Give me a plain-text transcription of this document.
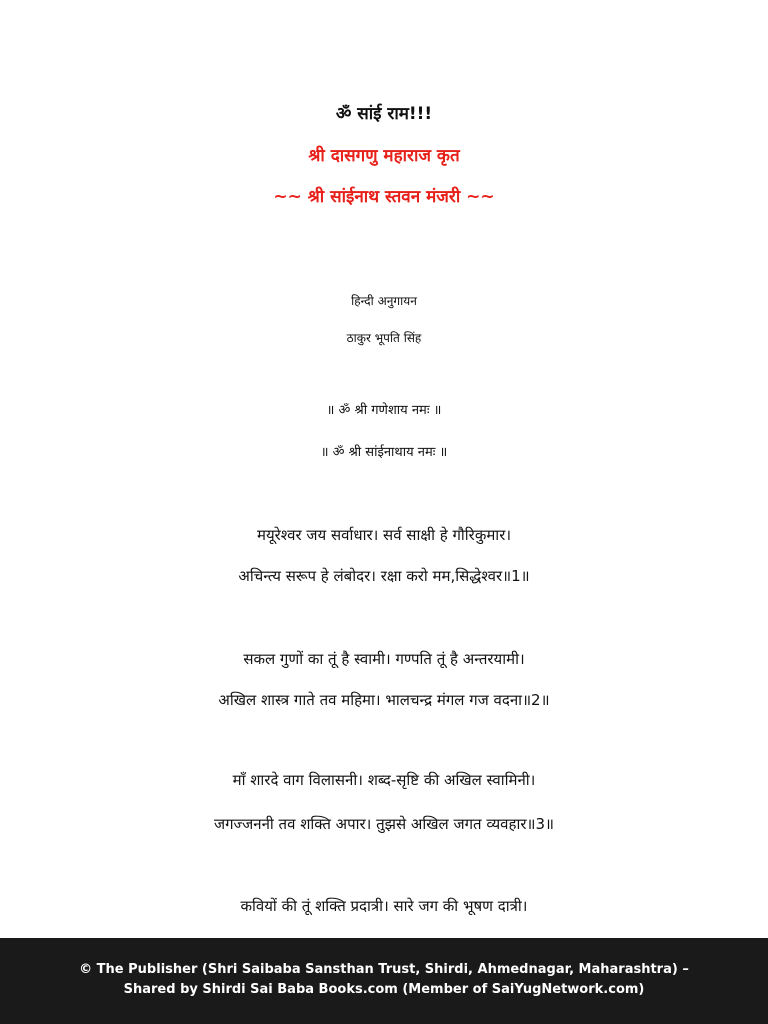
ॐ सांई राम!!!
श्री दासगणु महाराज कृत
~~ श्री सांईनाथ स्तवन मंजरी ~~
हिन्दी अनुगायन
ठाकुर भूपति सिंह
॥ ॐ श्री गणेशाय नमः ॥
॥ ॐ श्री सांईनाथाय नमः ॥
मयूरेश्वर जय सर्वाधार। सर्व साक्षी हे गौरिकुमार।
अचिन्त्य सरूप हे लंबोदर। रक्षा करो मम,सिद्धेश्वर॥1॥
सकल गुणों का तूं है स्वामी। गण्पति तूं है अन्तरयामी।
अखिल शास्त्र गाते तव महिमा। भालचन्द्र मंगल गज वदना॥2॥
माँ शारदे वाग विलासनी। शब्द-सृष्टि की अखिल स्वामिनी।
जगज्जननी तव शक्ति अपार। तुझसे अखिल जगत व्यवहार॥3॥
कवियों की तूं शक्ति प्रदात्री। सारे जग की भूषण दात्री।
© The Publisher (Shri Saibaba Sansthan Trust, Shirdi, Ahmednagar, Maharashtra) –
Shared by Shirdi Sai Baba Books.com (Member of SaiYugNetwork.com)
